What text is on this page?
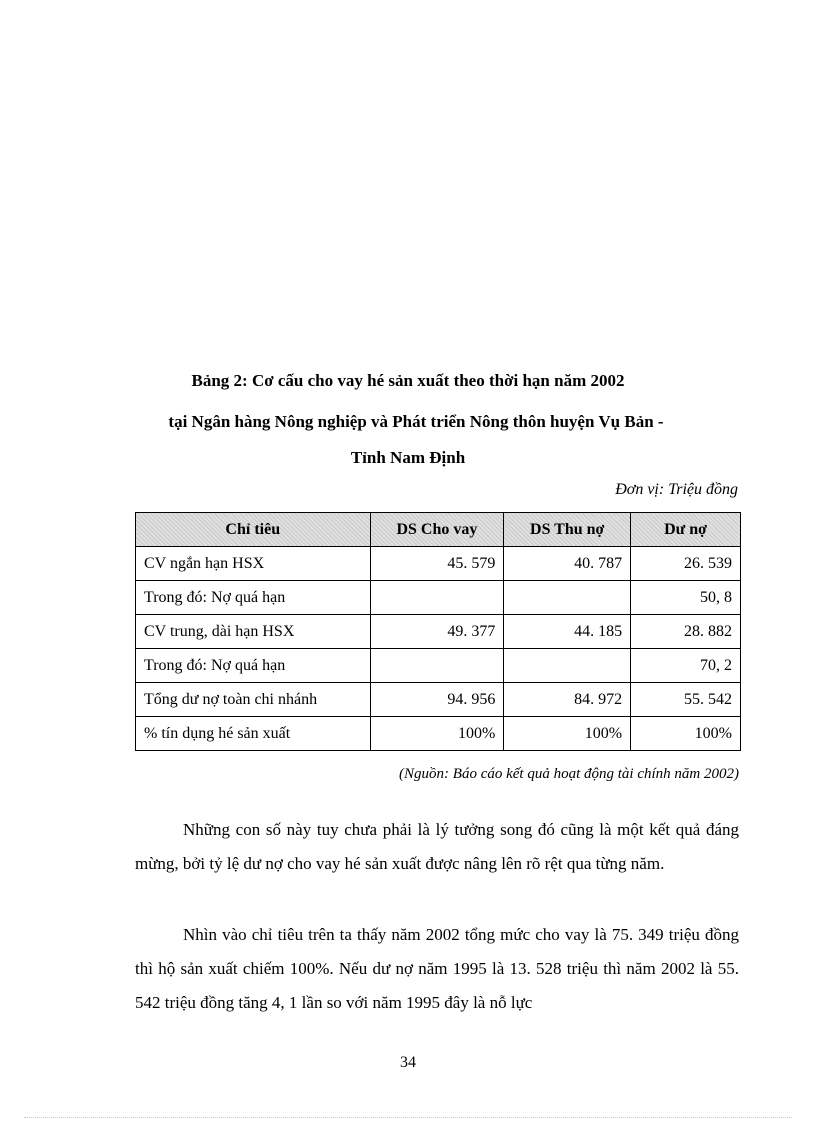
Bảng 2: Cơ cấu cho vay hé sản xuất theo thời hạn năm 2002
tại Ngân hàng Nông nghiệp và Phát triển Nông thôn huyện Vụ Bản -
Tỉnh Nam Định
Đơn vị: Triệu đồng
Chỉ tiêu	DS Cho vay	DS Thu nợ	Dư nợ
CV ngắn hạn HSX	45. 579	40. 787	26. 539
Trong đó: Nợ quá hạn			50, 8
CV trung, dài hạn HSX	49. 377	44. 185	28. 882
Trong đó: Nợ quá hạn			70, 2
Tổng dư nợ toàn chi nhánh	94. 956	84. 972	55. 542
% tín dụng hé sản xuất	100%	100%	100%
(Nguồn: Báo cáo kết quả hoạt động tài chính năm 2002)

Những con số này tuy chưa phải là lý tưởng song đó cũng là một kết quả đáng mừng, bởi tỷ lệ dư nợ cho vay hé sản xuất được nâng lên rõ rệt qua từng năm.

Nhìn vào chỉ tiêu trên ta thấy năm 2002 tổng mức cho vay là 75. 349 triệu đồng thì hộ sản xuất chiếm 100%. Nếu dư nợ năm 1995 là 13. 528 triệu thì năm 2002 là 55. 542 triệu đồng tăng 4, 1 lần so với năm 1995 đây là nỗ lực

34
